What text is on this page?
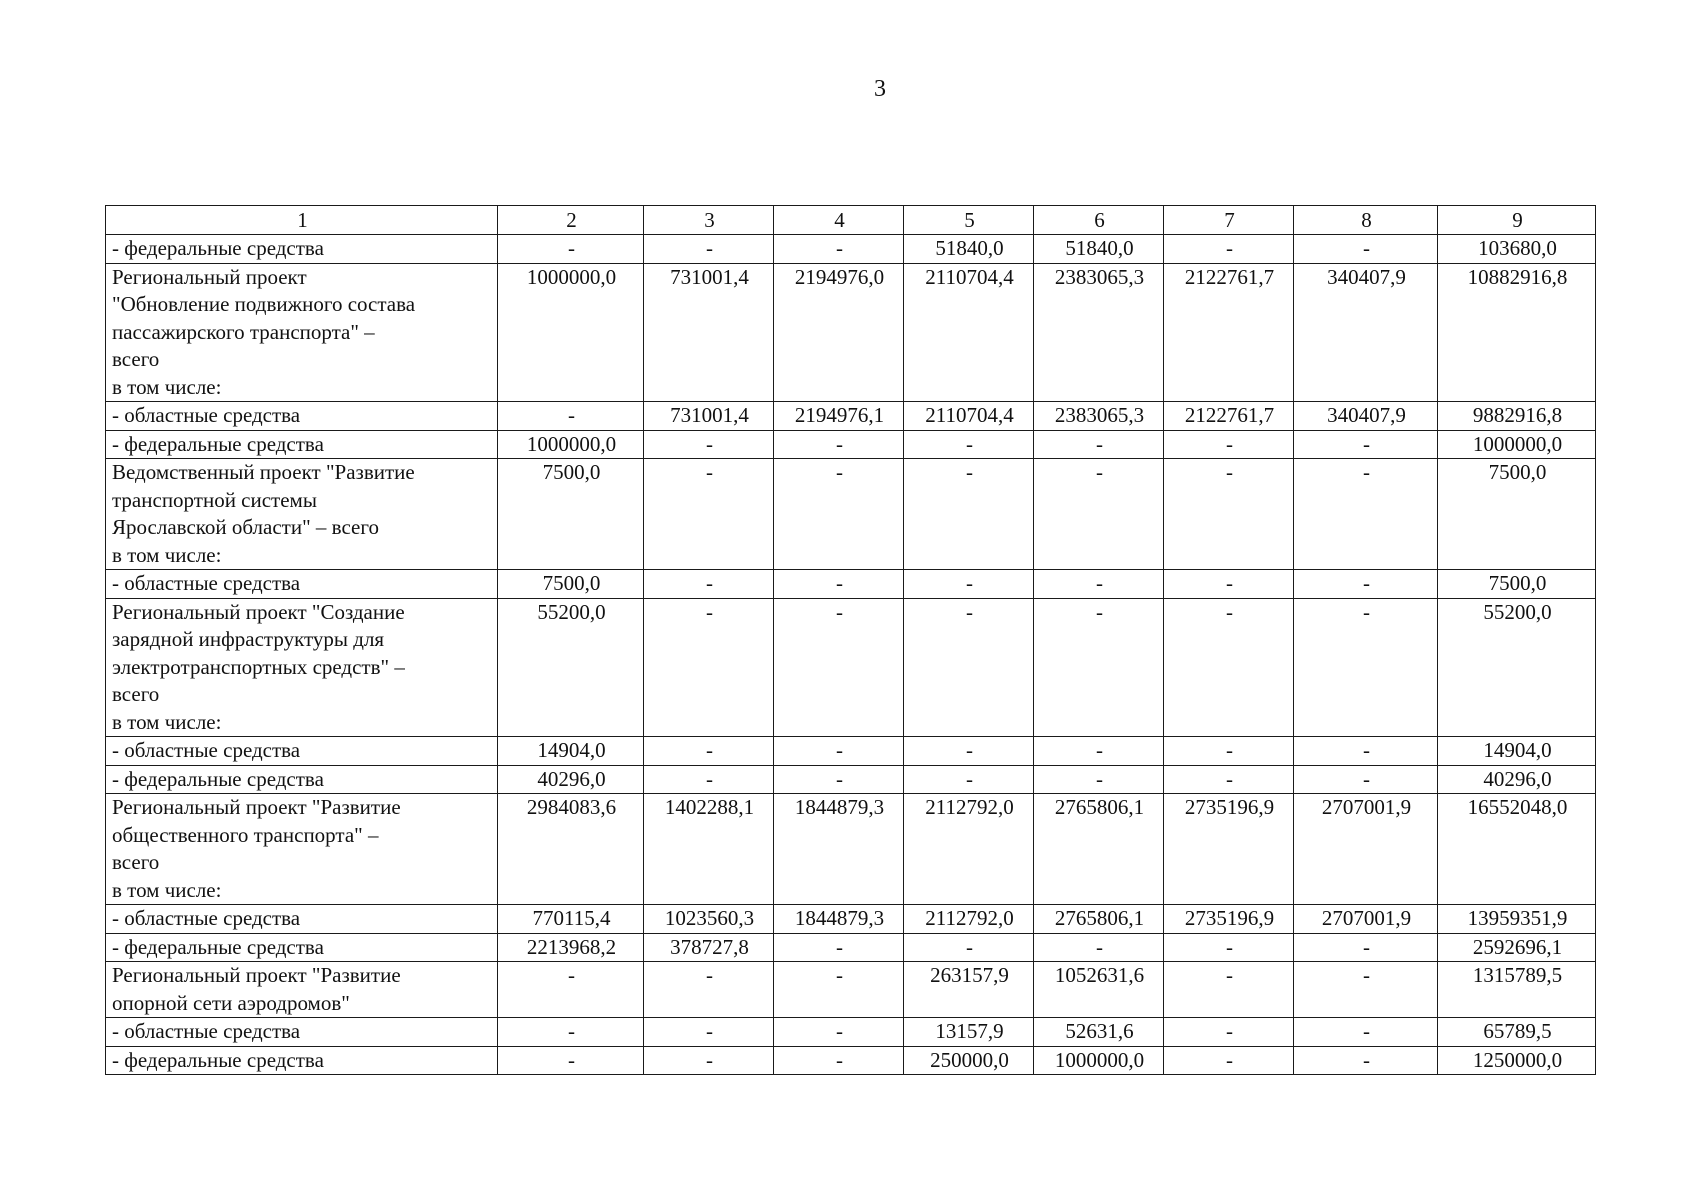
3
1	2	3	4	5	6	7	8	9
- федеральные средства	-	-	-	51840,0	51840,0	-	-	103680,0
Региональный проект
"Обновление подвижного состава
пассажирского транспорта" –
всего
в том числе:	1000000,0	731001,4	2194976,0	2110704,4	2383065,3	2122761,7	340407,9	10882916,8
- областные средства	-	731001,4	2194976,1	2110704,4	2383065,3	2122761,7	340407,9	9882916,8
- федеральные средства	1000000,0	-	-	-	-	-	-	1000000,0
Ведомственный проект "Развитие
транспортной системы
Ярославской области" – всего
в том числе:	7500,0	-	-	-	-	-	-	7500,0
- областные средства	7500,0	-	-	-	-	-	-	7500,0
Региональный проект "Создание
зарядной инфраструктуры для
электротранспортных средств" –
всего
в том числе:	55200,0	-	-	-	-	-	-	55200,0
- областные средства	14904,0	-	-	-	-	-	-	14904,0
- федеральные средства	40296,0	-	-	-	-	-	-	40296,0
Региональный проект "Развитие
общественного транспорта" –
всего
в том числе:	2984083,6	1402288,1	1844879,3	2112792,0	2765806,1	2735196,9	2707001,9	16552048,0
- областные средства	770115,4	1023560,3	1844879,3	2112792,0	2765806,1	2735196,9	2707001,9	13959351,9
- федеральные средства	2213968,2	378727,8	-	-	-	-	-	2592696,1
Региональный проект "Развитие
опорной сети аэродромов"	-	-	-	263157,9	1052631,6	-	-	1315789,5
- областные средства	-	-	-	13157,9	52631,6	-	-	65789,5
- федеральные средства	-	-	-	250000,0	1000000,0	-	-	1250000,0
